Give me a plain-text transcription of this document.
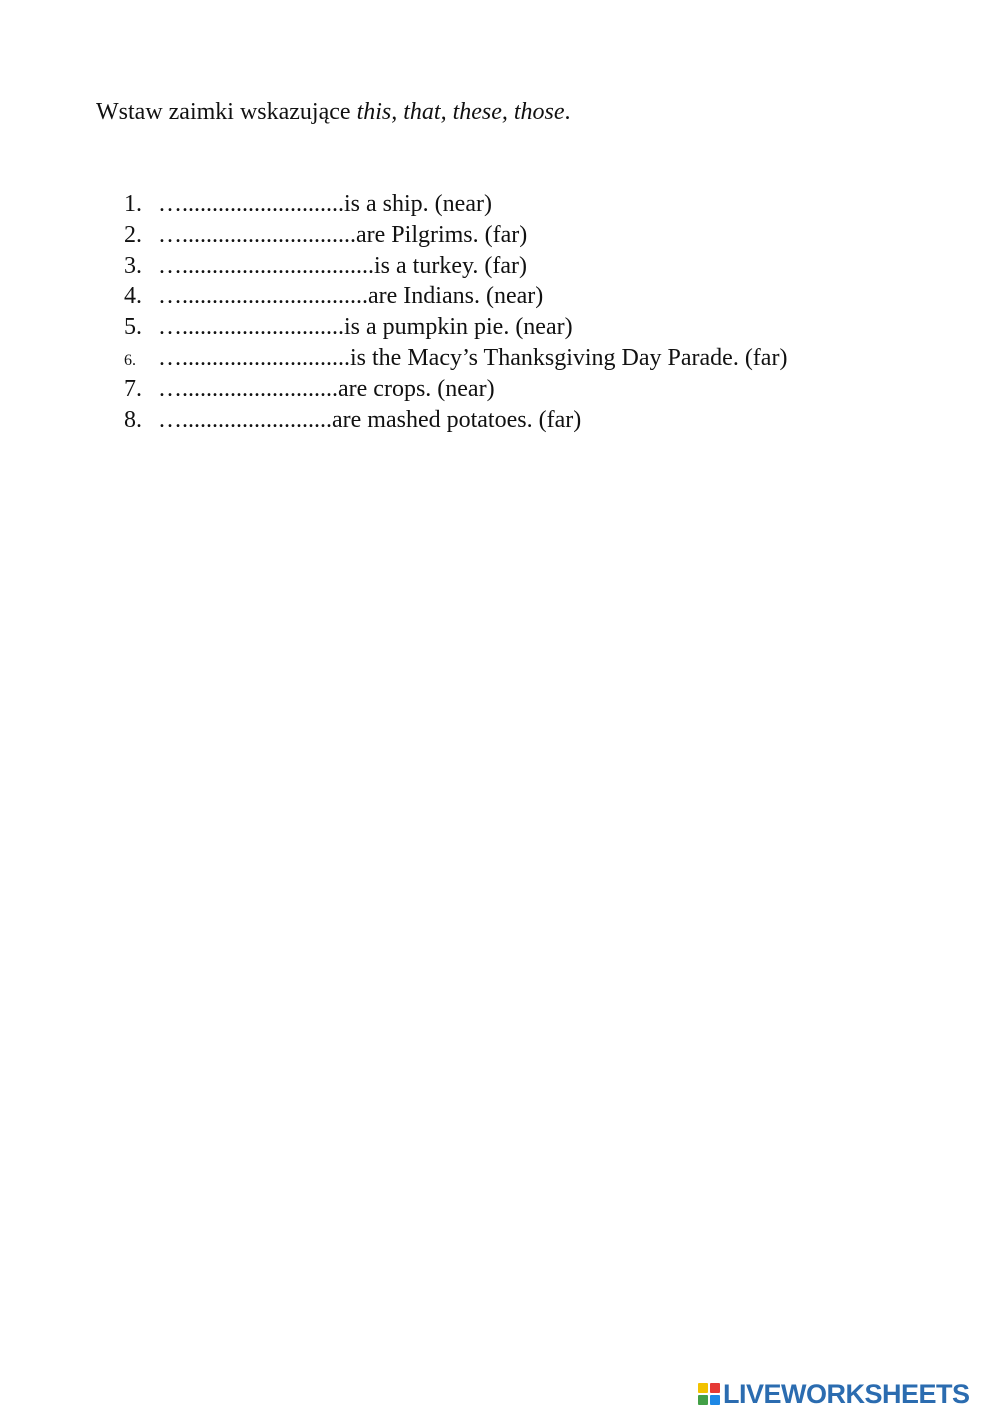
Wstaw zaimki wskazujące this, that, these, those.
1. …........................... is a ship. (near)
2. …............................. are Pilgrims. (far)
3. …................................ is a turkey. (far)
4. …............................... are Indians. (near)
5. …........................... is a pumpkin pie. (near)
6. …............................ is the Macy’s Thanksgiving Day Parade. (far)
7. ….......................... are crops. (near)
8. …......................... are mashed potatoes. (far)
LIVEWORKSHEETS
